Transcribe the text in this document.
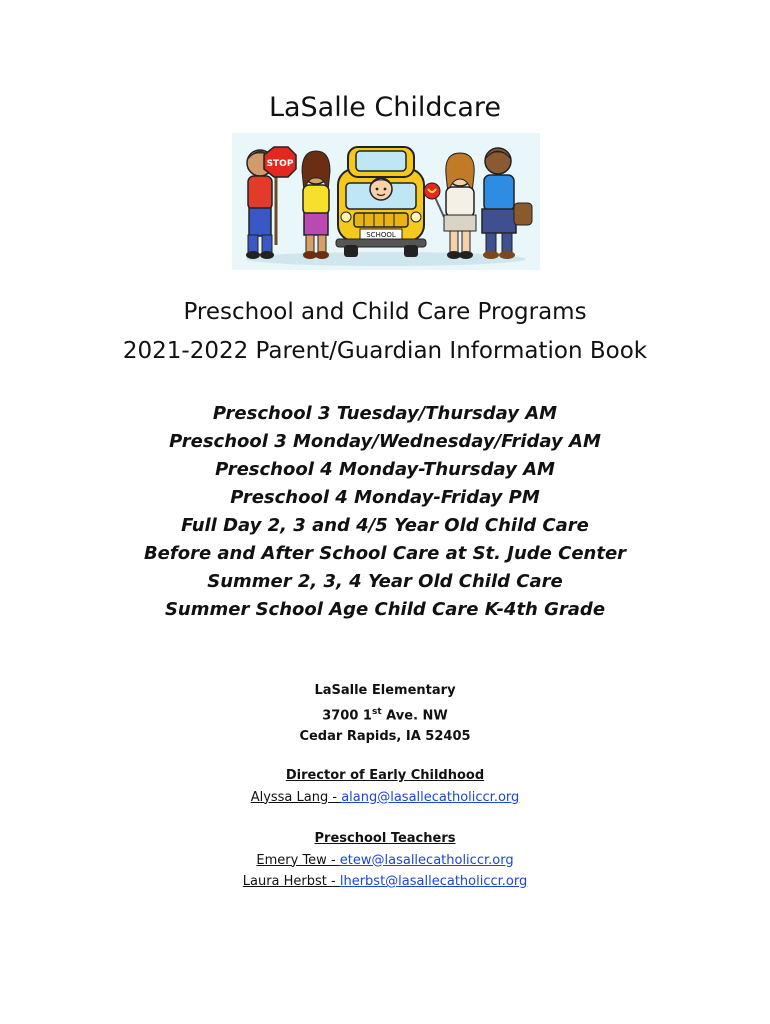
LaSalle Childcare
SCHOOL
STOP

Preschool and Child Care Programs

2021-2022 Parent/Guardian Information Book

Preschool 3 Tuesday/Thursday AM
Preschool 3 Monday/Wednesday/Friday AM
Preschool 4 Monday-Thursday AM
Preschool 4 Monday-Friday PM
Full Day 2, 3 and 4/5 Year Old Child Care
Before and After School Care at St. Jude Center
Summer 2, 3, 4 Year Old Child Care
Summer School Age Child Care K-4th Grade
LaSalle Elementary
3700 1st Ave. NW
Cedar Rapids, IA 52405
Director of Early Childhood
Alyssa Lang - alang@lasallecatholiccr.org
Preschool Teachers
Emery Tew - etew@lasallecatholiccr.org
Laura Herbst - lherbst@lasallecatholiccr.org
